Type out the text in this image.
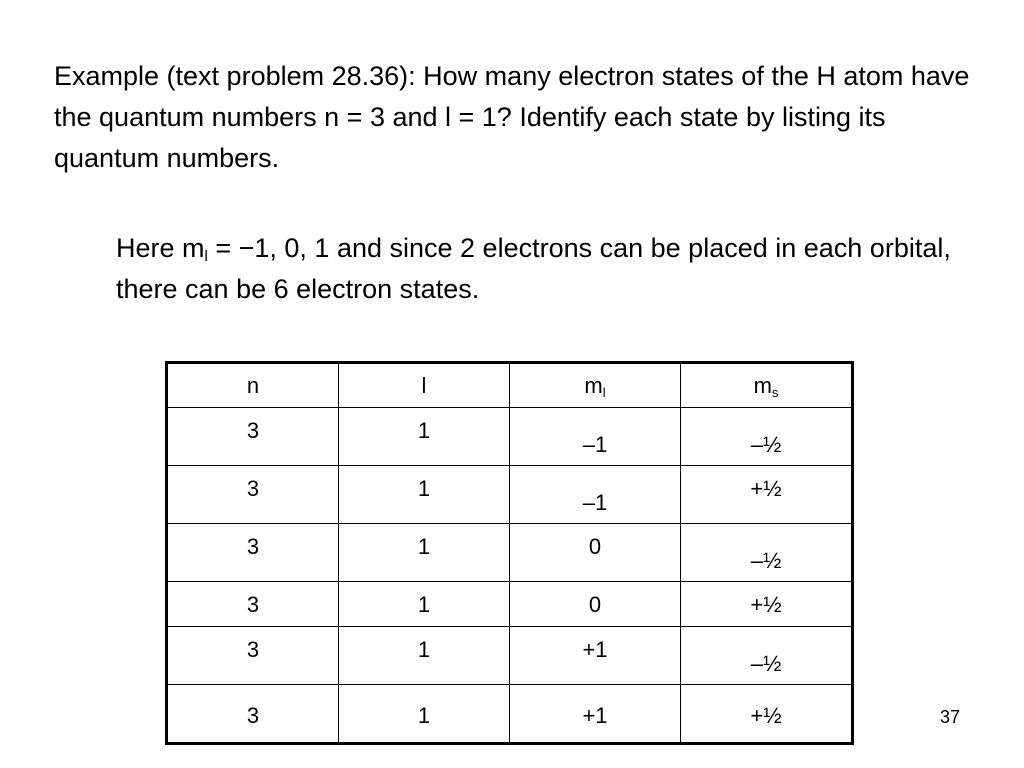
Example (text problem 28.36): How many electron states of the H atom have the quantum numbers n = 3 and l = 1? Identify each state by listing its quantum numbers.

Here $m_l = -1$, 0, 1 and since 2 electrons can be placed in each orbital, there can be 6 electron states.

n	l	$m_l$	$m_s$

3	1	–1	–½

3	1	–1	+½

3	1	0	–½

3	1	0	+½

3	1	+1	–½

3	1	+1	+½	37
